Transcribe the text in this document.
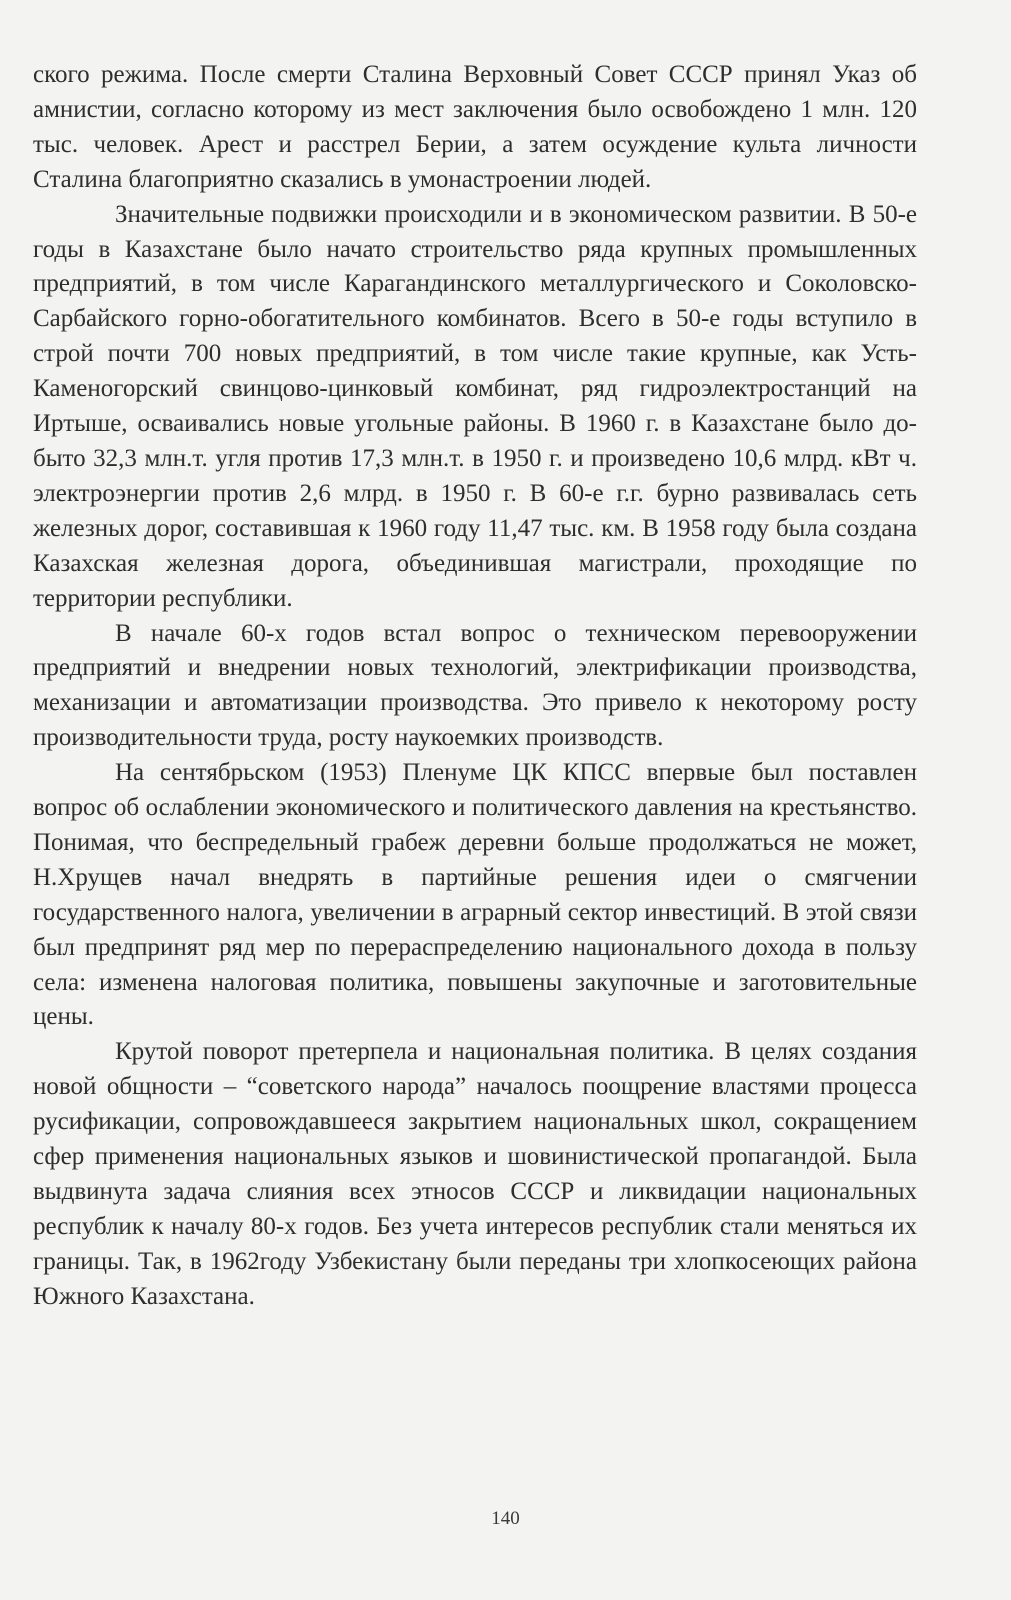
ского режима. После смерти Сталина Верховный Совет СССР принял Указ об амнистии, согласно которому из мест заключения было освобождено 1 млн. 120 тыс. человек. Арест и расстрел Берии, а затем осуждение культа личности Сталина благоприятно сказались в умонастроении людей.

Значительные подвижки происходили и в экономическом развитии. В 50-е годы в Казахстане было начато строительство ряда крупных промышленных предприятий, в том числе Карагандинского металлургического и Соколовско-Сарбайского горно-обогатительного комбинатов. Всего в 50-е годы вступило в строй почти 700 новых предприятий, в том числе такие крупные, как Усть-Каменогорский свинцово-цинковый комбинат, ряд гидроэлектростанций на Иртыше, осваивались новые угольные районы. В 1960 г. в Казахстане было добыто 32,3 млн.т. угля против 17,3 млн.т. в 1950 г. и произведено 10,6 млрд. кВт ч. электроэнергии против 2,6 млрд. в 1950 г. В 60-е г.г. бурно развивалась сеть железных дорог, составившая к 1960 году 11,47 тыс. км. В 1958 году была создана Казахская железная дорога, объединившая магистрали, проходящие по территории республики.

В начале 60-х годов встал вопрос о техническом перевооружении предприятий и внедрении новых технологий, электрификации производства, механизации и автоматизации производства. Это привело к некоторому росту производительности труда, росту наукоемких производств.

На сентябрьском (1953) Пленуме ЦК КПСС впервые был поставлен вопрос об ослаблении экономического и политического давления на крестьянство. Понимая, что беспредельный грабеж деревни больше продолжаться не может, Н.Хрущев начал внедрять в партийные решения идеи о смягчении государственного налога, увеличении в аграрный сектор инвестиций. В этой связи был предпринят ряд мер по перераспределению национального дохода в пользу села: изменена налоговая политика, повышены закупочные и заготовительные цены.

Крутой поворот претерпела и национальная политика. В целях создания новой общности – “советского народа” началось поощрение властями процесса русификации, сопровождавшееся закрытием национальных школ, сокращением сфер применения национальных языков и шовинистической пропагандой. Была выдвинута задача слияния всех этносов СССР и ликвидации национальных республик к началу 80-х годов. Без учета интересов республик стали меняться их границы. Так, в 1962году Узбекистану были переданы три хлопкосеющих района Южного Казахстана.

140
